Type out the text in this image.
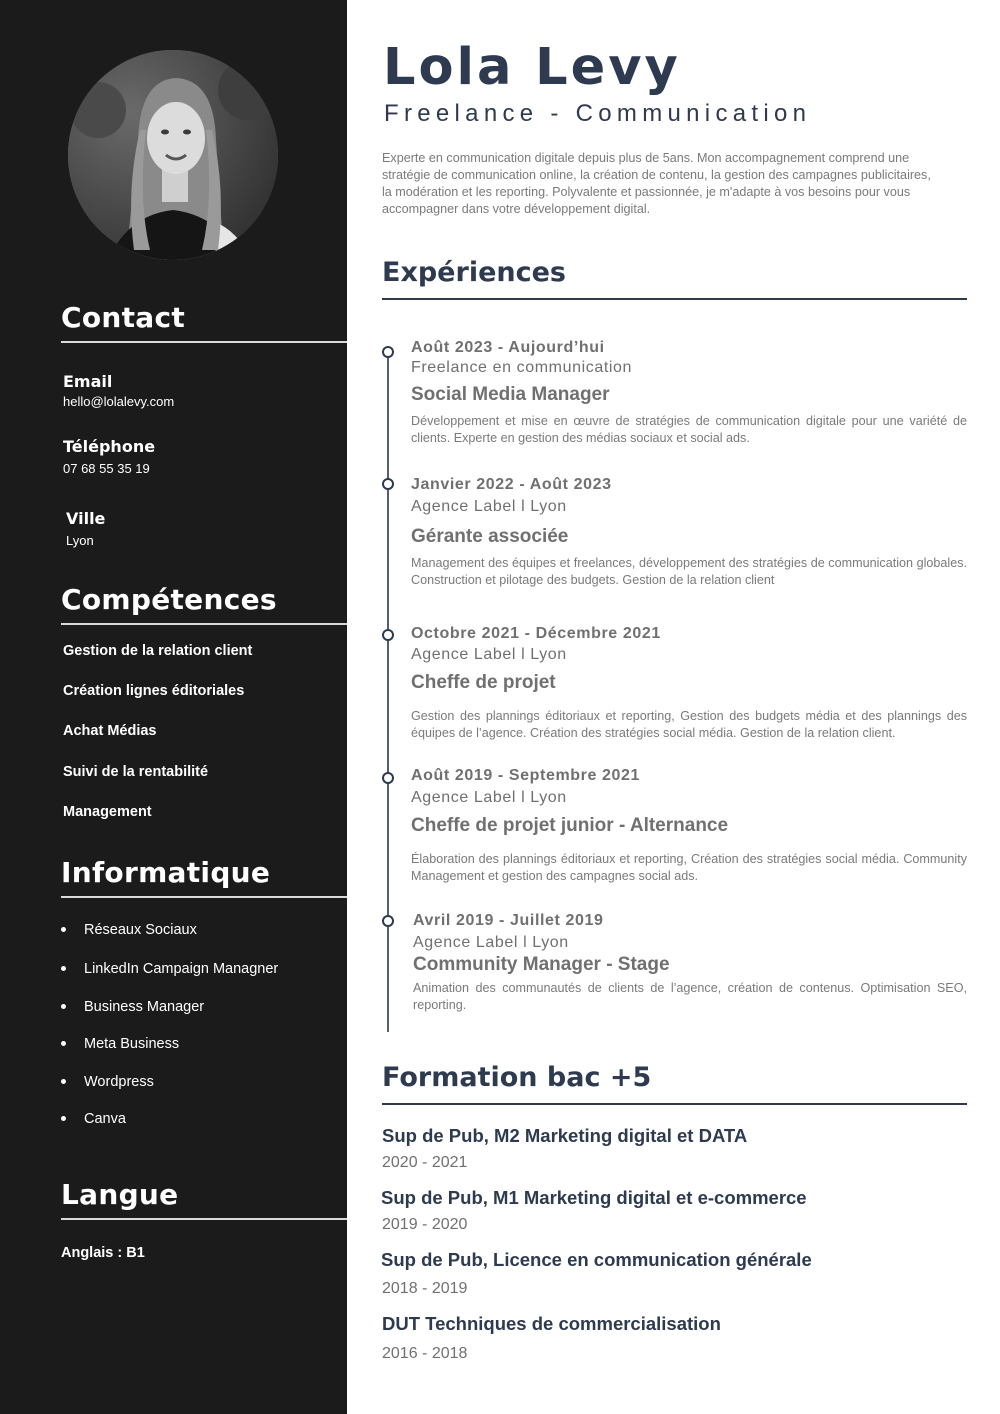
Contact
Email
hello@lolalevy.com
Téléphone
07 68 55 35 19
Ville
Lyon
Compétences
Gestion de la relation client
Création lignes éditoriales
Achat Médias
Suivi de la rentabilité
Management
Informatique
Réseaux Sociaux
LinkedIn Campaign Managner
Business Manager
Meta Business
Wordpress
Canva
Langue
Anglais : B1
Lola Levy
Freelance - Communication

Experte en communication digitale depuis plus de 5ans. Mon accompagnement comprend une stratégie de communication online, la création de contenu, la gestion des campagnes publicitaires, la modération et les reporting. Polyvalente et passionnée, je m'adapte à vos besoins pour vous accompagner dans votre développement digital.

Expériences
Août 2023 - Aujourd’hui
Freelance en communication
Social Media Manager
Développement et mise en œuvre de stratégies de communication digitale pour une variété de clients. Experte en gestion des médias sociaux et social ads.
Janvier 2022 - Août 2023
Agence Label l Lyon
Gérante associée
Management des équipes et freelances, développement des stratégies de communication globales. Construction et pilotage des budgets. Gestion de la relation client
Octobre 2021 - Décembre 2021
Agence Label l Lyon
Cheffe de projet
Gestion des plannings éditoriaux et reporting, Gestion des budgets média et des plannings des équipes de l’agence. Création des stratégies social média. Gestion de la relation client.
Août 2019 - Septembre 2021
Agence Label l Lyon
Cheffe de projet junior - Alternance
Élaboration des plannings éditoriaux et reporting, Création des stratégies social média. Community Management et gestion des campagnes social ads.
Avril 2019 - Juillet 2019
Agence Label l Lyon
Community Manager - Stage
Animation des communautés de clients de l’agence, création de contenus. Optimisation SEO, reporting.
Formation bac +5
Sup de Pub, M2 Marketing digital et DATA
2020 - 2021
Sup de Pub, M1 Marketing digital et e-commerce
2019 - 2020
Sup de Pub, Licence en communication générale
2018 - 2019
DUT Techniques de commercialisation
2016 - 2018
